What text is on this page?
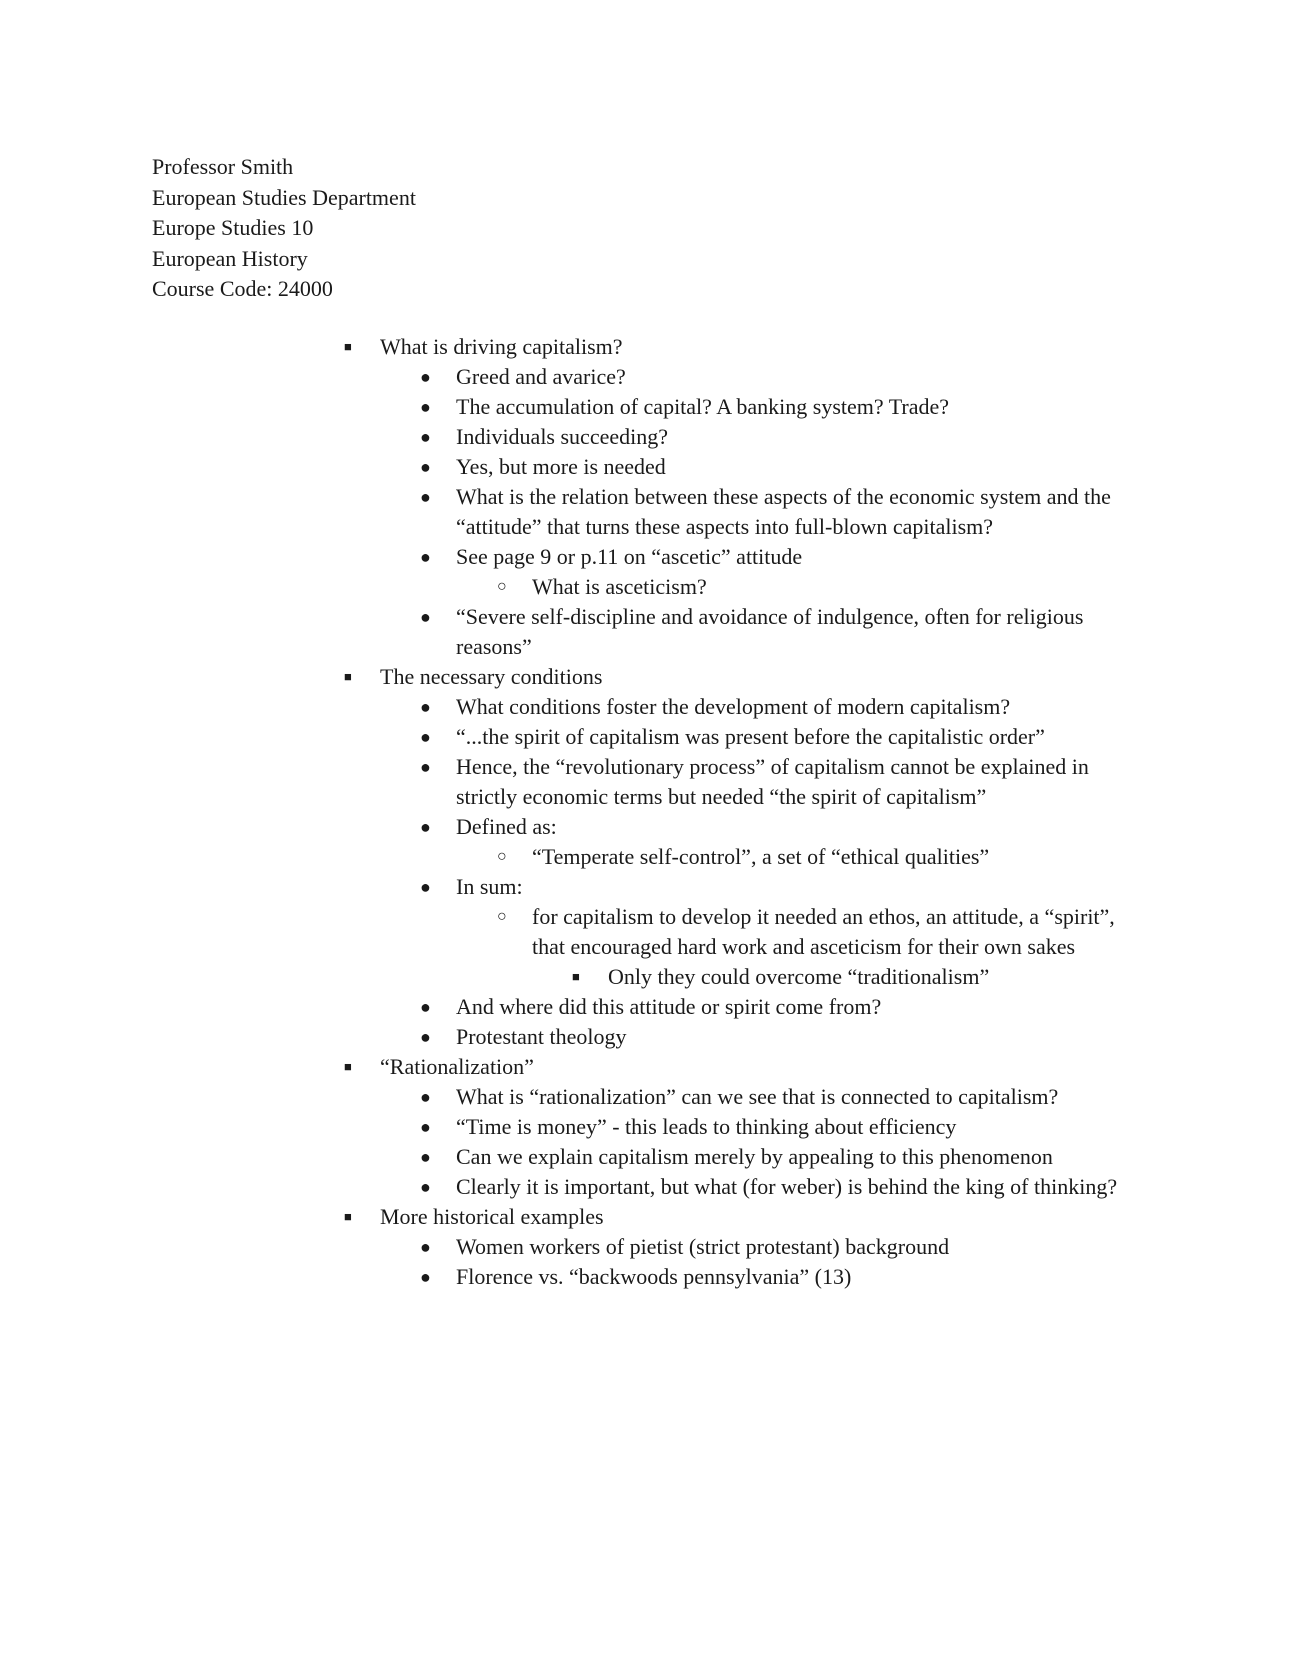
Professor Smith
European Studies Department
Europe Studies 10
European History
Course Code: 24000
■ What is driving capitalism?
● Greed and avarice?
● The accumulation of capital? A banking system? Trade?
● Individuals succeeding?
● Yes, but more is needed
● What is the relation between these aspects of the economic system and the “attitude” that turns these aspects into full-blown capitalism?
● See page 9 or p.11 on “ascetic” attitude
○ What is asceticism?
● “Severe self-discipline and avoidance of indulgence, often for religious reasons”
■ The necessary conditions
● What conditions foster the development of modern capitalism?
● “...the spirit of capitalism was present before the capitalistic order”
● Hence, the “revolutionary process” of capitalism cannot be explained in strictly economic terms but needed “the spirit of capitalism”
● Defined as:
○ “Temperate self-control”, a set of “ethical qualities”
● In sum:
○ for capitalism to develop it needed an ethos, an attitude, a “spirit”, that encouraged hard work and asceticism for their own sakes
■ Only they could overcome “traditionalism”
● And where did this attitude or spirit come from?
● Protestant theology
■ “Rationalization”
● What is “rationalization” can we see that is connected to capitalism?
● “Time is money” - this leads to thinking about efficiency
● Can we explain capitalism merely by appealing to this phenomenon
● Clearly it is important, but what (for weber) is behind the king of thinking?
■ More historical examples
● Women workers of pietist (strict protestant) background
● Florence vs. “backwoods pennsylvania” (13)
